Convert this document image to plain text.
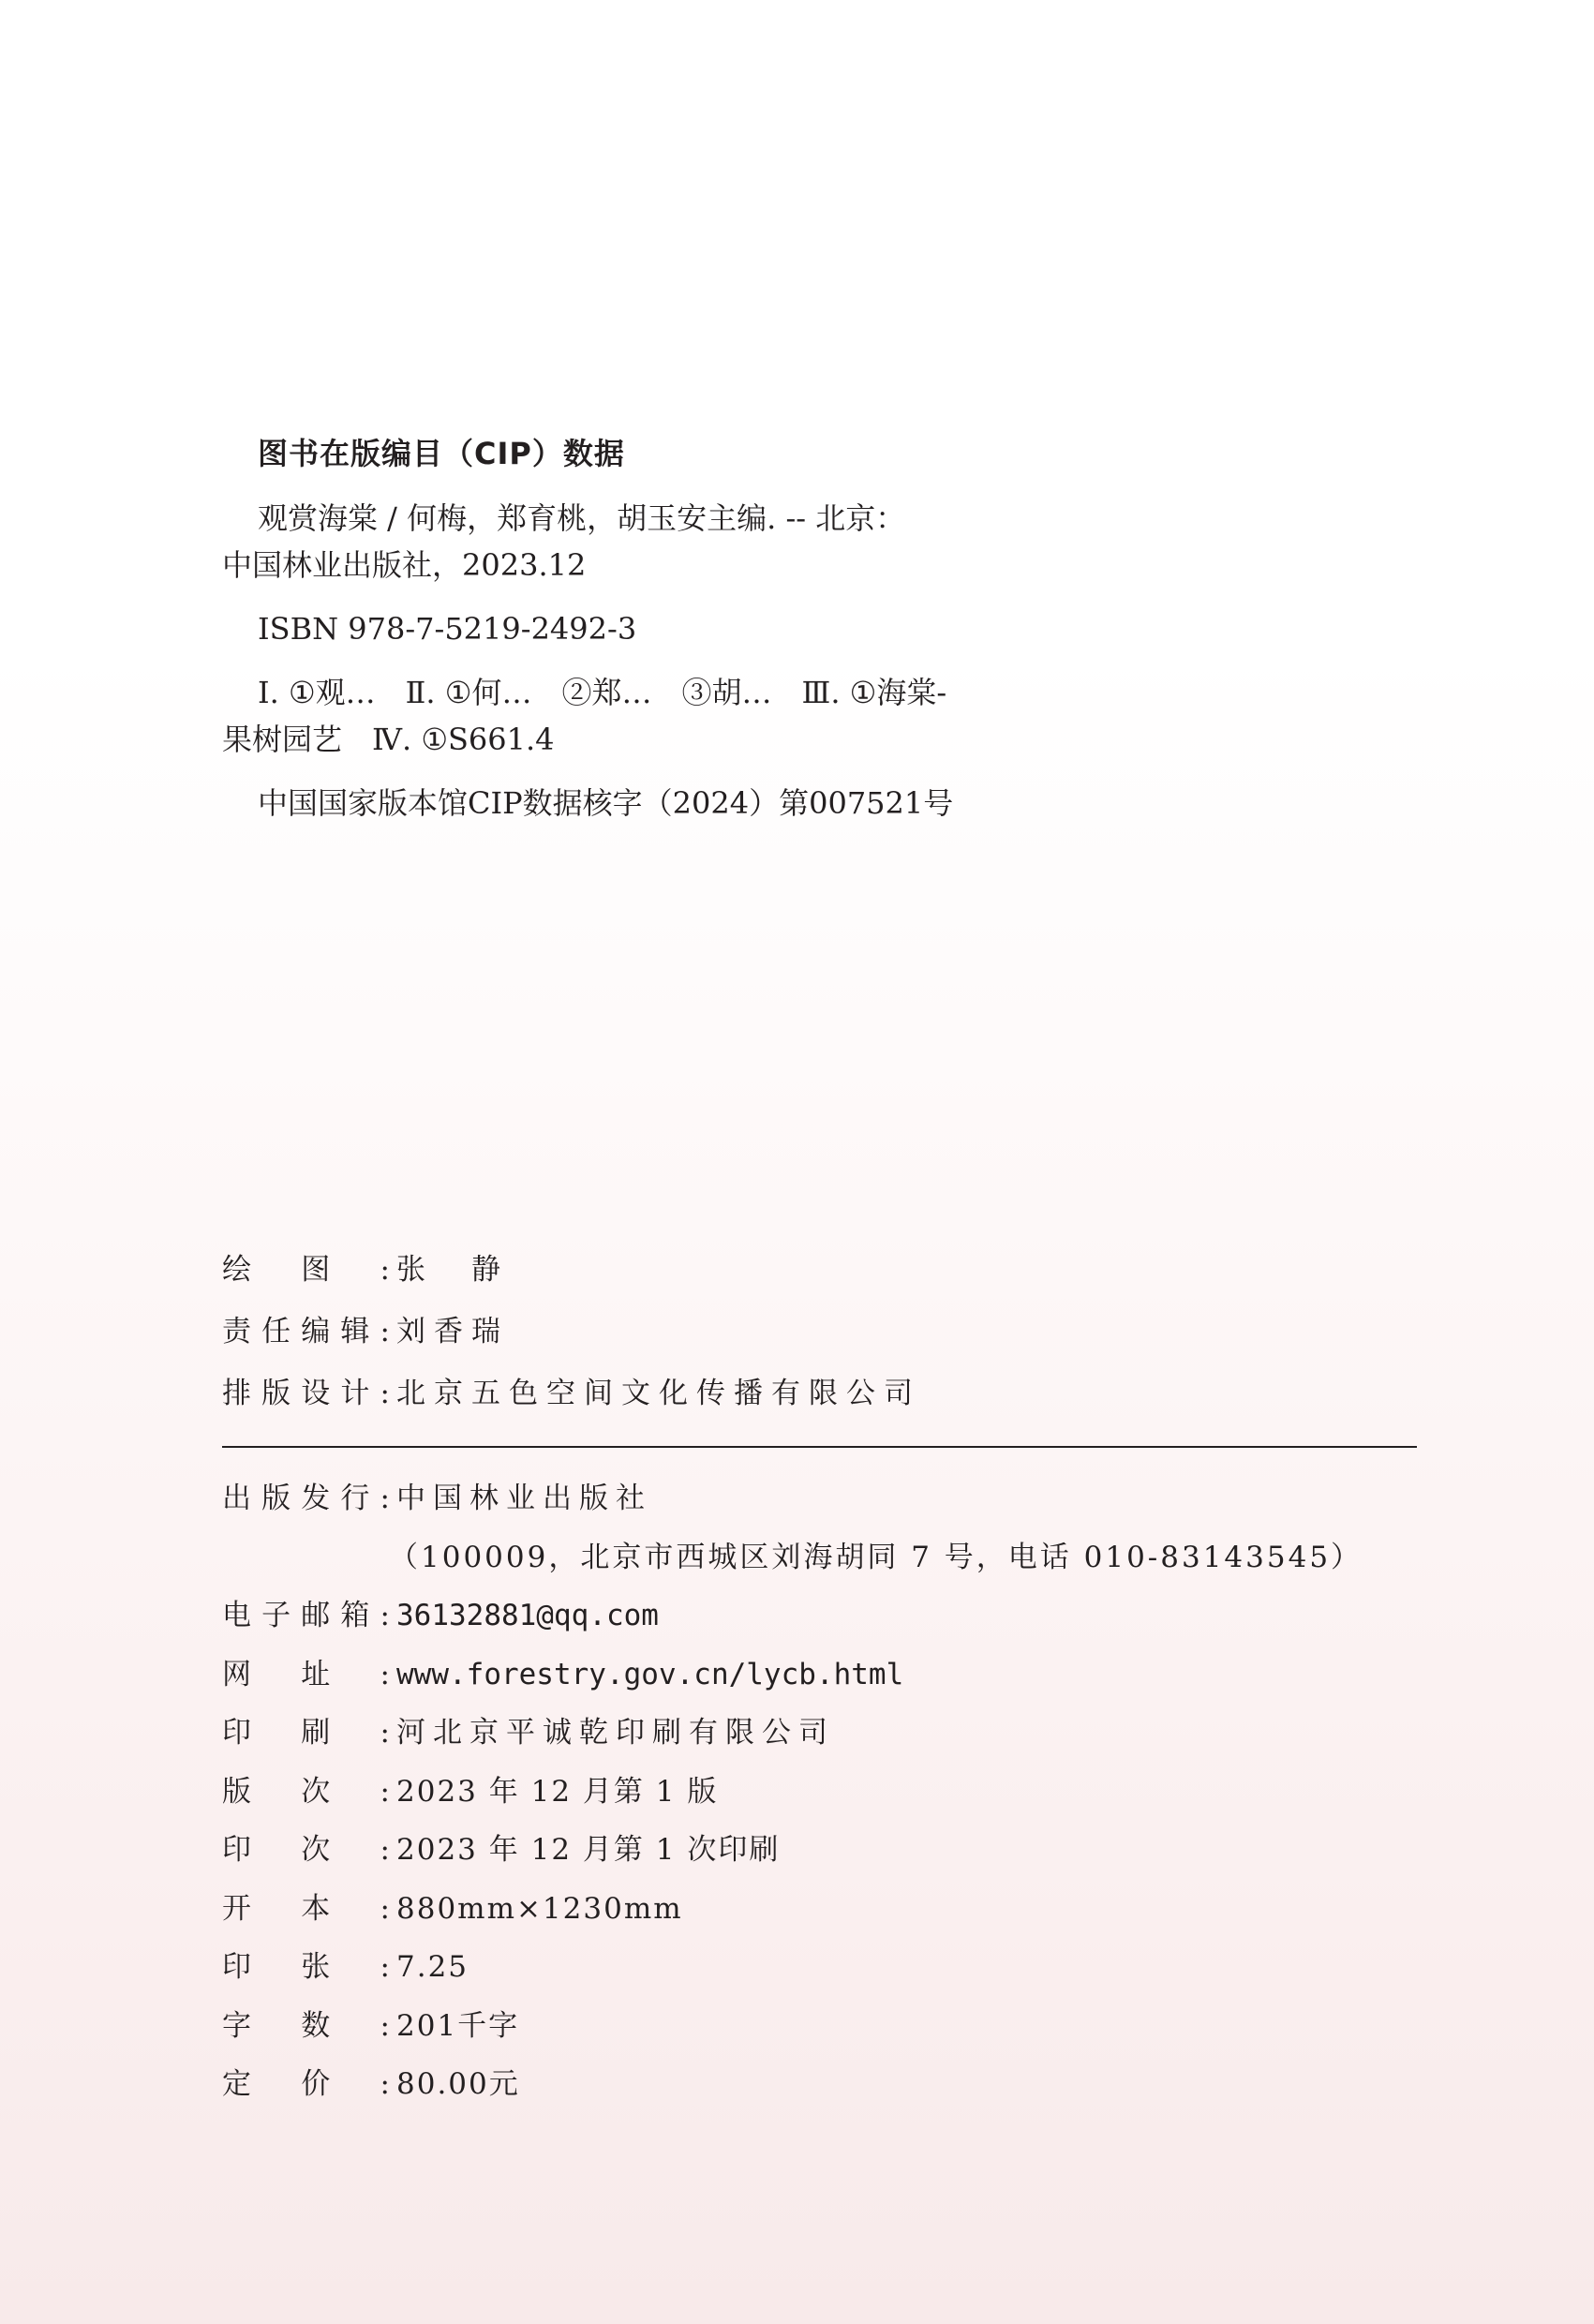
图书在版编目（CIP）数据
观赏海棠 / 何梅，郑育桃，胡玉安主编. -- 北京：
中国林业出版社，2023.12
ISBN 978-7-5219-2492-3
Ⅰ. ①观…　Ⅱ. ①何…　②郑…　③胡…　Ⅲ. ①海棠-
果树园艺　Ⅳ. ①S661.4
中国国家版本馆CIP数据核字（2024）第007521号
绘图: 张　静
责任编辑: 刘香瑞
排版设计: 北京五色空间文化传播有限公司
出版发行: 中国林业出版社
（100009，北京市西城区刘海胡同 7 号，电话 010-83143545）
电子邮箱: 36132881@qq.com
网址: www.forestry.gov.cn/lycb.html
印刷: 河北京平诚乾印刷有限公司
版次: 2023 年 12 月第 1 版
印次: 2023 年 12 月第 1 次印刷
开本: 880mm×1230mm
印张: 7.25
字数: 201千字
定价: 80.00元
